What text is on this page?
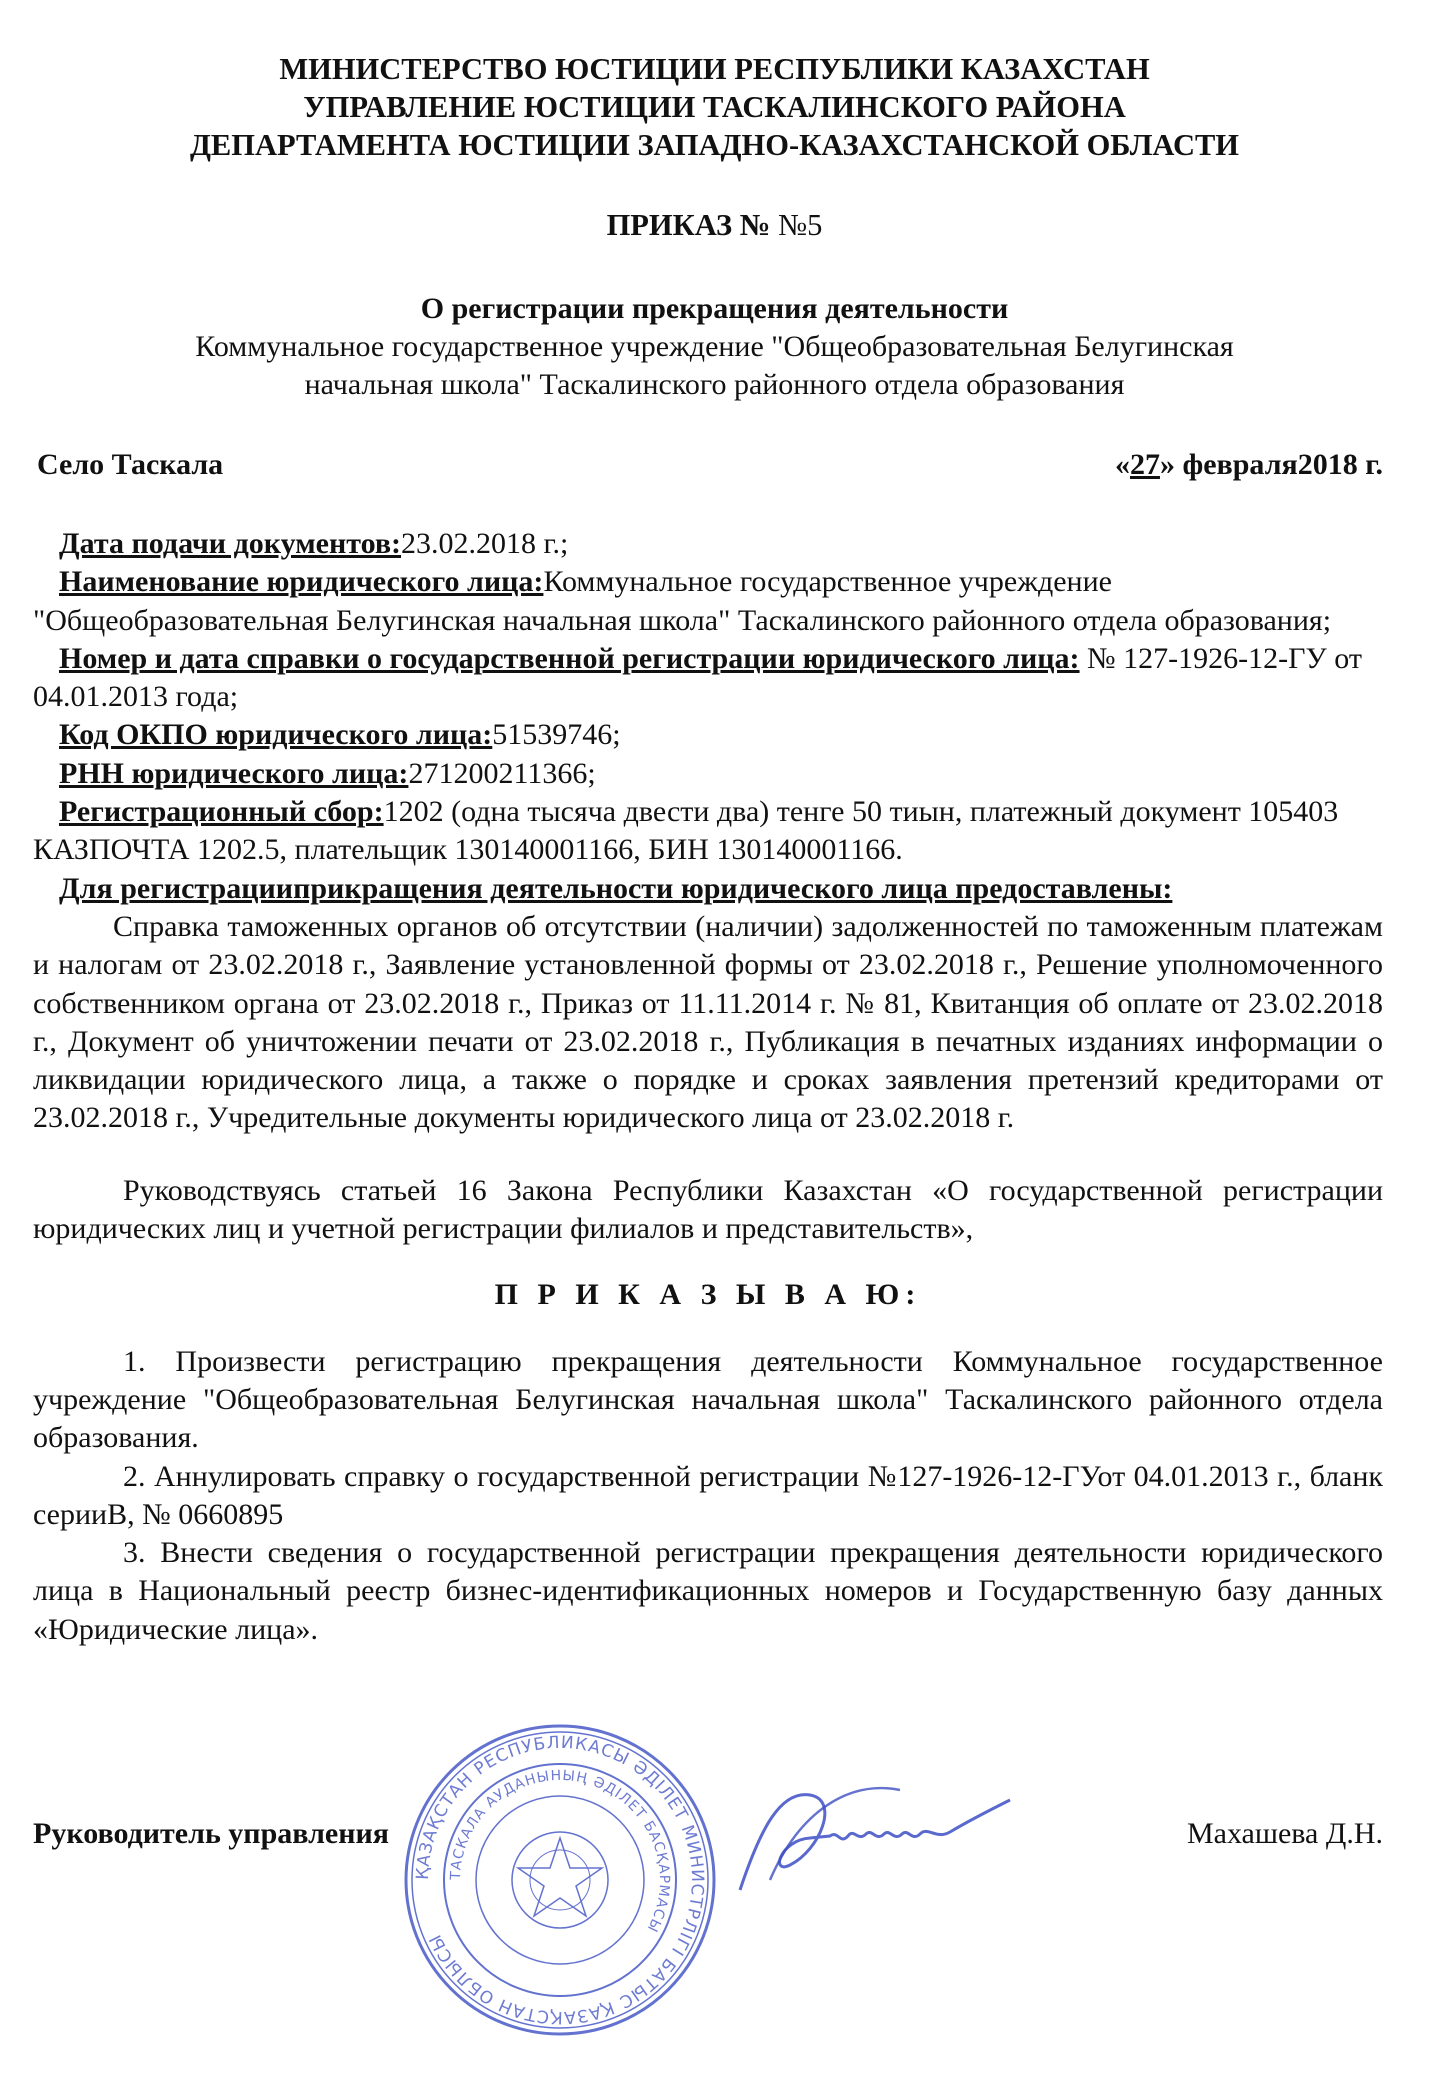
МИНИСТЕРСТВО ЮСТИЦИИ РЕСПУБЛИКИ КАЗАХСТАН
УПРАВЛЕНИЕ ЮСТИЦИИ ТАСКАЛИНСКОГО РАЙОНА
ДЕПАРТАМЕНТА ЮСТИЦИИ ЗАПАДНО-КАЗАХСТАНСКОЙ ОБЛАСТИ
ПРИКАЗ № №5
О регистрации прекращения деятельности
Коммунальное государственное учреждение "Общеобразовательная Белугинская
начальная школа" Таскалинского районного отдела образования
Село Таскала	«27» февраля2018 г.

Дата подачи документов:23.02.2018 г.;

Наименование юридического лица:Коммунальное государственное учреждение "Общеобразовательная Белугинская начальная школа" Таскалинского районного отдела образования;

Номер и дата справки о государственной регистрации юридического лица: № 127-1926-12-ГУ от 04.01.2013 года;

Код ОКПО юридического лица:51539746;

РНН юридического лица:271200211366;

Регистрационный сбор:1202 (одна тысяча двести два) тенге 50 тиын, платежный документ 105403 КАЗПОЧТА 1202.5, плательщик 130140001166, БИН 130140001166.

Для регистрацииприкращения деятельности юридического лица предоставлены:

Справка таможенных органов об отсутствии (наличии) задолженностей по таможенным платежам и налогам от 23.02.2018 г., Заявление установленной формы от 23.02.2018 г., Решение уполномоченного собственником органа от 23.02.2018 г., Приказ от 11.11.2014 г. № 81, Квитанция об оплате от 23.02.2018 г., Документ об уничтожении печати от 23.02.2018 г., Публикация в печатных изданиях информации о ликвидации юридического лица, а также о порядке и сроках заявления претензий кредиторами от 23.02.2018 г., Учредительные документы юридического лица от 23.02.2018 г.

Руководствуясь статьей 16 Закона Республики Казахстан «О государственной регистрации юридических лиц и учетной регистрации филиалов и представительств»,

П Р И К А З Ы В А Ю:

1. Произвести регистрацию прекращения деятельности Коммунальное государственное учреждение "Общеобразовательная Белугинская начальная школа" Таскалинского районного отдела образования.

2. Аннулировать справку о государственной регистрации №127-1926-12-ГУот 04.01.2013 г., бланк серииВ, № 0660895

3. Внести сведения о государственной регистрации прекращения деятельности юридического лица в Национальный реестр бизнес-идентификационных номеров и Государственную базу данных «Юридические лица».

ҚАЗАҚСТАН РЕСПУБЛИКАСЫ ӘДІЛЕТ МИНИСТРЛІГІ БАТЫС ҚАЗАҚСТАН ОБЛЫСЫ
ТАСКАЛА АУДАНЫНЫҢ ӘДІЛЕТ БАСҚАРМАСЫ
Руководитель управления	Махашева Д.Н.
